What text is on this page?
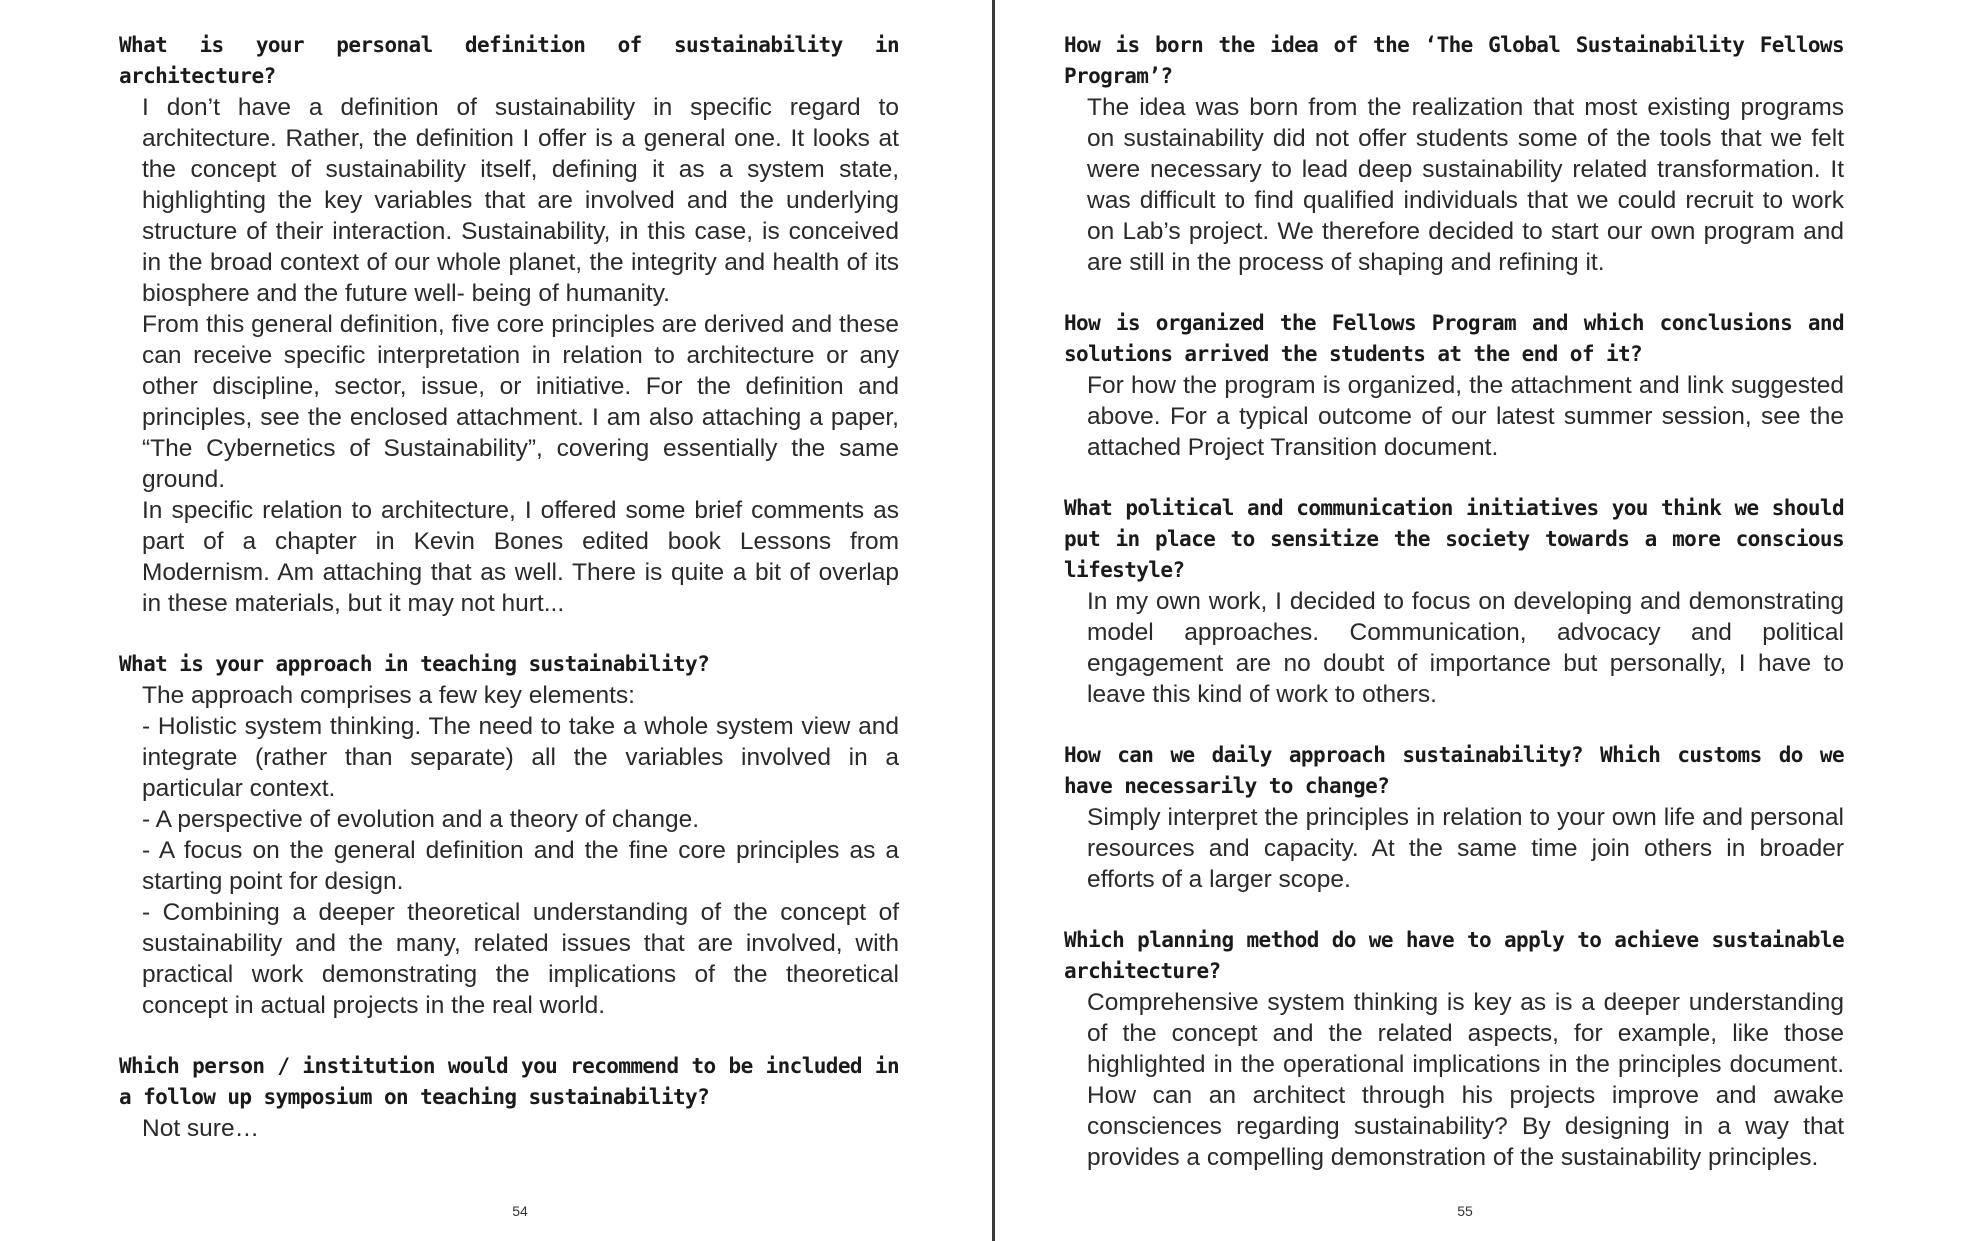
What is your personal definition of sustainability in architecture?

I don’t have a definition of sustainability in specific regard to architecture. Rather, the definition I offer is a general one. It looks at the concept of sustainability itself, defining it as a system state, highlighting the key variables that are involved and the underlying structure of their interaction. Sustainability, in this case, is conceived in the broad context of our whole planet, the integrity and health of its biosphere and the future well- being of humanity.

From this general definition, five core principles are derived and these can receive specific interpretation in relation to architecture or any other discipline, sector, issue, or initiative. For the definition and principles, see the enclosed attachment. I am also attaching a paper, “The Cybernetics of Sustainability”, covering essentially the same ground.

In specific relation to architecture, I offered some brief comments as part of a chapter in Kevin Bones edited book Lessons from Modernism. Am attaching that as well. There is quite a bit of overlap in these materials, but it may not hurt...

What is your approach in teaching sustainability?

The approach comprises a few key elements:

- Holistic system thinking. The need to take a whole system view and integrate (rather than separate) all the variables involved in a particular context.

- A perspective of evolution and a theory of change.

- A focus on the general definition and the fine core principles as a starting point for design.

- Combining a deeper theoretical understanding of the concept of sustainability and the many, related issues that are involved, with practical work demonstrating the implications of the theoretical concept in actual projects in the real world.

Which person / institution would you recommend to be included in a follow up symposium on teaching sustainability?

Not sure…

54

How is born the idea of the ‘The Global Sustainability Fellows Program’?

The idea was born from the realization that most existing programs on sustainability did not offer students some of the tools that we felt were necessary to lead deep sustainability related transformation. It was difficult to find qualified individuals that we could recruit to work on Lab’s project. We therefore decided to start our own program and are still in the process of shaping and refining it.

How is organized the Fellows Program and which conclusions and solutions arrived the students at the end of it?

For how the program is organized, the attachment and link suggested above. For a typical outcome of our latest summer session, see the attached Project Transition document.

What political and communication initiatives you think we should put in place to sensitize the society towards a more conscious lifestyle?

In my own work, I decided to focus on developing and demonstrating model approaches. Communication, advocacy and political engagement are no doubt of importance but personally, I have to leave this kind of work to others.

How can we daily approach sustainability? Which customs do we have necessarily to change?

Simply interpret the principles in relation to your own life and personal resources and capacity. At the same time join others in broader efforts of a larger scope.

Which planning method do we have to apply to achieve sustainable architecture?

Comprehensive system thinking is key as is a deeper understanding of the concept and the related aspects, for example, like those highlighted in the operational implications in the principles document. How can an architect through his projects improve and awake consciences regarding sustainability? By designing in a way that provides a compelling demonstration of the sustainability principles.

55
